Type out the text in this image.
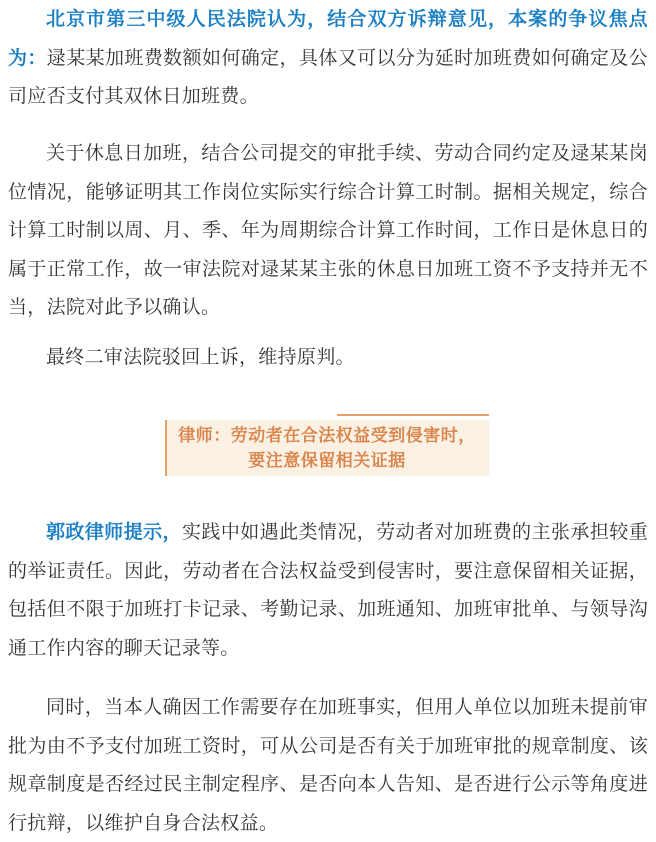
北京市第三中级人民法院认为，结合双方诉辩意见，本案的争议焦点为：逯某某加班费数额如何确定，具体又可以分为延时加班费如何确定及公司应否支付其双休日加班费。

关于休息日加班，结合公司提交的审批手续、劳动合同约定及逯某某岗位情况，能够证明其工作岗位实际实行综合计算工时制。据相关规定，综合计算工时制以周、月、季、年为周期综合计算工作时间，工作日是休息日的属于正常工作，故一审法院对逯某某主张的休息日加班工资不予支持并无不当，法院对此予以确认。

最终二审法院驳回上诉，维持原判。

律师：劳动者在合法权益受到侵害时，
要注意保留相关证据

郭政律师提示，实践中如遇此类情况，劳动者对加班费的主张承担较重的举证责任。因此，劳动者在合法权益受到侵害时，要注意保留相关证据，包括但不限于加班打卡记录、考勤记录、加班通知、加班审批单、与领导沟通工作内容的聊天记录等。

同时，当本人确因工作需要存在加班事实，但用人单位以加班未提前审批为由不予支付加班工资时，可从公司是否有关于加班审批的规章制度、该规章制度是否经过民主制定程序、是否向本人告知、是否进行公示等角度进行抗辩，以维护自身合法权益。
